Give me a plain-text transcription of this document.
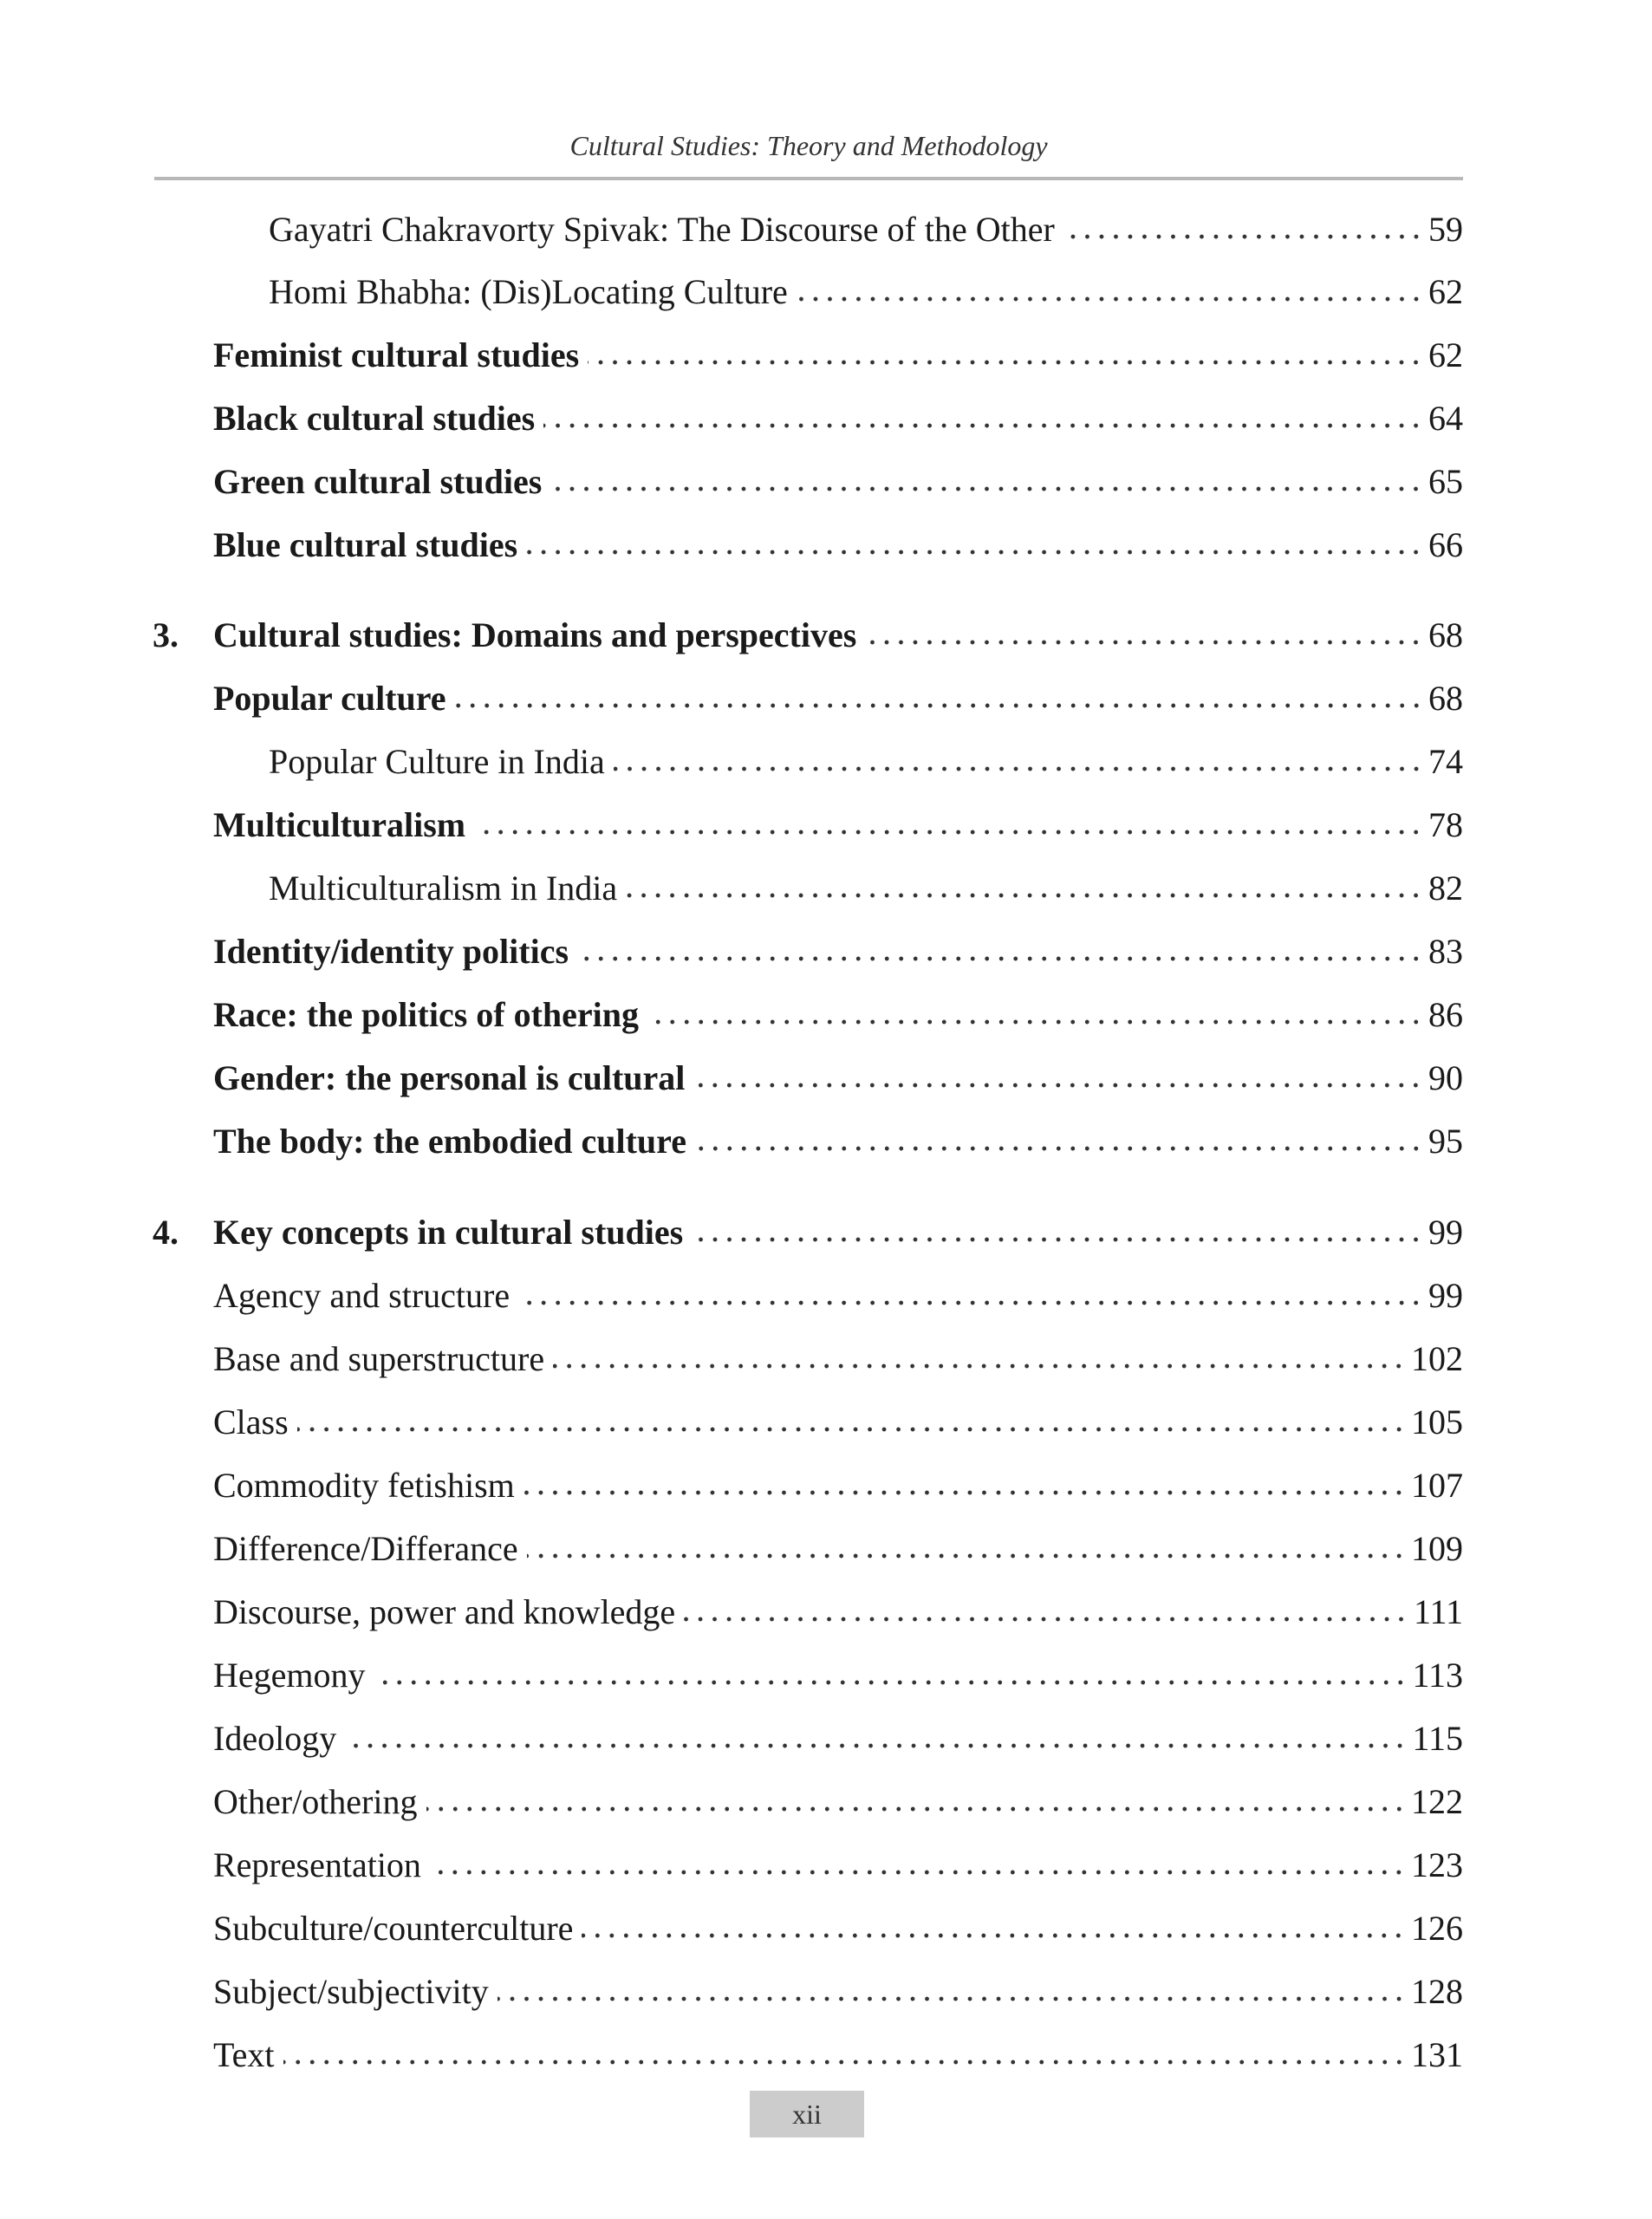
Cultural Studies: Theory and Methodology
Gayatri Chakravorty Spivak: The Discourse of the Other	59
Homi Bhabha: (Dis)Locating Culture	62
Feminist cultural studies	62
Black cultural studies	64
Green cultural studies	65
Blue cultural studies	66
3. Cultural studies: Domains and perspectives	68
Popular culture	68
Popular Culture in India	74
Multiculturalism	78
Multiculturalism in India	82
Identity/identity politics	83
Race: the politics of othering	86
Gender: the personal is cultural	90
The body: the embodied culture	95
4. Key concepts in cultural studies	99
Agency and structure	99
Base and superstructure	102
Class	105
Commodity fetishism	107
Difference/Differance	109
Discourse, power and knowledge	111
Hegemony	113
Ideology	115
Other/othering	122
Representation	123
Subculture/counterculture	126
Subject/subjectivity	128
Text	131
xii
